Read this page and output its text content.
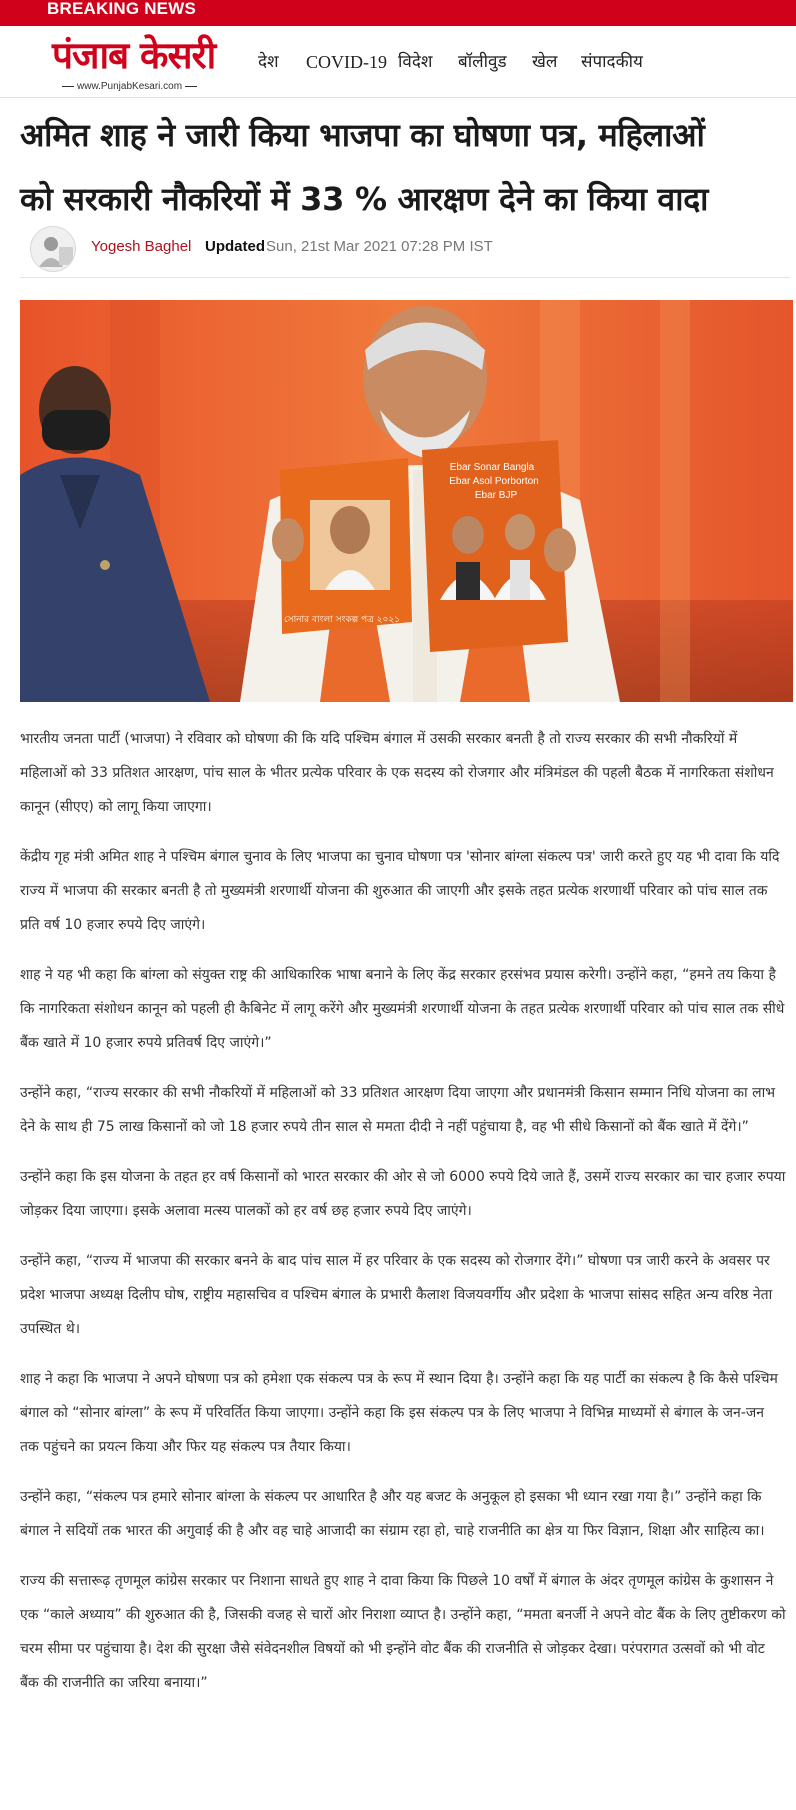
BREAKING NEWS
पंजाब केसरी
www.PunjabKesari.com
देश COVID-19 विदेश बॉलीवुड खेल संपादकीय
अमित शाह ने जारी किया भाजपा का घोषणा पत्र, महिलाओं
को सरकारी नौकरियों में 33 % आरक्षण देने का किया वादा
Yogesh Baghel Updated Sun, 21st Mar 2021 07:28 PM IST
সোনার বাংলা সংকল্প পত্র ২০২১
Ebar Sonar Bangla
Ebar Asol Porborton
Ebar BJP

भारतीय जनता पार्टी (भाजपा) ने रविवार को घोषणा की कि यदि पश्चिम बंगाल में उसकी सरकार बनती है तो राज्य सरकार की सभी नौकरियों में महिलाओं को 33 प्रतिशत आरक्षण, पांच साल के भीतर प्रत्येक परिवार के एक सदस्य को रोजगार और मंत्रिमंडल की पहली बैठक में नागरिकता संशोधन कानून (सीएए) को लागू किया जाएगा।

केंद्रीय गृह मंत्री अमित शाह ने पश्चिम बंगाल चुनाव के लिए भाजपा का चुनाव घोषणा पत्र 'सोनार बांग्ला संकल्प पत्र' जारी करते हुए यह भी दावा कि यदि राज्य में भाजपा की सरकार बनती है तो मुख्यमंत्री शरणार्थी योजना की शुरुआत की जाएगी और इसके तहत प्रत्येक शरणार्थी परिवार को पांच साल तक प्रति वर्ष 10 हजार रुपये दिए जाएंगे।

शाह ने यह भी कहा कि बांग्ला को संयुक्त राष्ट्र की आधिकारिक भाषा बनाने के लिए केंद्र सरकार हरसंभव प्रयास करेगी। उन्होंने कहा, “हमने तय किया है कि नागरिकता संशोधन कानून को पहली ही कैबिनेट में लागू करेंगे और मुख्यमंत्री शरणार्थी योजना के तहत प्रत्येक शरणार्थी परिवार को पांच साल तक सीधे बैंक खाते में 10 हजार रुपये प्रतिवर्ष दिए जाएंगे।”

उन्होंने कहा, “राज्य सरकार की सभी नौकरियों में महिलाओं को 33 प्रतिशत आरक्षण दिया जाएगा और प्रधानमंत्री किसान सम्मान निधि योजना का लाभ देने के साथ ही 75 लाख किसानों को जो 18 हजार रुपये तीन साल से ममता दीदी ने नहीं पहुंचाया है, वह भी सीधे किसानों को बैंक खाते में देंगे।”

उन्होंने कहा कि इस योजना के तहत हर वर्ष किसानों को भारत सरकार की ओर से जो 6000 रुपये दिये जाते हैं, उसमें राज्य सरकार का चार हजार रुपया जोड़कर दिया जाएगा। इसके अलावा मत्स्य पालकों को हर वर्ष छह हजार रुपये दिए जाएंगे।

उन्होंने कहा, “राज्य में भाजपा की सरकार बनने के बाद पांच साल में हर परिवार के एक सदस्य को रोजगार देंगे।” घोषणा पत्र जारी करने के अवसर पर प्रदेश भाजपा अध्यक्ष दिलीप घोष, राष्ट्रीय महासचिव व पश्चिम बंगाल के प्रभारी कैलाश विजयवर्गीय और प्रदेशा के भाजपा सांसद सहित अन्य वरिष्ठ नेता उपस्थित थे।

शाह ने कहा कि भाजपा ने अपने घोषणा पत्र को हमेशा एक संकल्प पत्र के रूप में स्थान दिया है। उन्होंने कहा कि यह पार्टी का संकल्प है कि कैसे पश्चिम बंगाल को “सोनार बांग्ला” के रूप में परिवर्तित किया जाएगा। उन्होंने कहा कि इस संकल्प पत्र के लिए भाजपा ने विभिन्न माध्यमों से बंगाल के जन-जन तक पहुंचने का प्रयत्न किया और फिर यह संकल्प पत्र तैयार किया।

उन्होंने कहा, “संकल्प पत्र हमारे सोनार बांग्ला के संकल्प पर आधारित है और यह बजट के अनुकूल हो इसका भी ध्यान रखा गया है।” उन्होंने कहा कि बंगाल ने सदियों तक भारत की अगुवाई की है और वह चाहे आजादी का संग्राम रहा हो, चाहे राजनीति का क्षेत्र या फिर विज्ञान, शिक्षा और साहित्य का।

राज्य की सत्तारूढ़ तृणमूल कांग्रेस सरकार पर निशाना साधते हुए शाह ने दावा किया कि पिछले 10 वर्षों में बंगाल के अंदर तृणमूल कांग्रेस के कुशासन ने एक “काले अध्याय” की शुरुआत की है, जिसकी वजह से चारों ओर निराशा व्याप्त है। उन्होंने कहा, “ममता बनर्जी ने अपने वोट बैंक के लिए तुष्टीकरण को चरम सीमा पर पहुंचाया है। देश की सुरक्षा जैसे संवेदनशील विषयों को भी इन्होंने वोट बैंक की राजनीति से जोड़कर देखा। परंपरागत उत्सवों को भी वोट बैंक की राजनीति का जरिया बनाया।”
